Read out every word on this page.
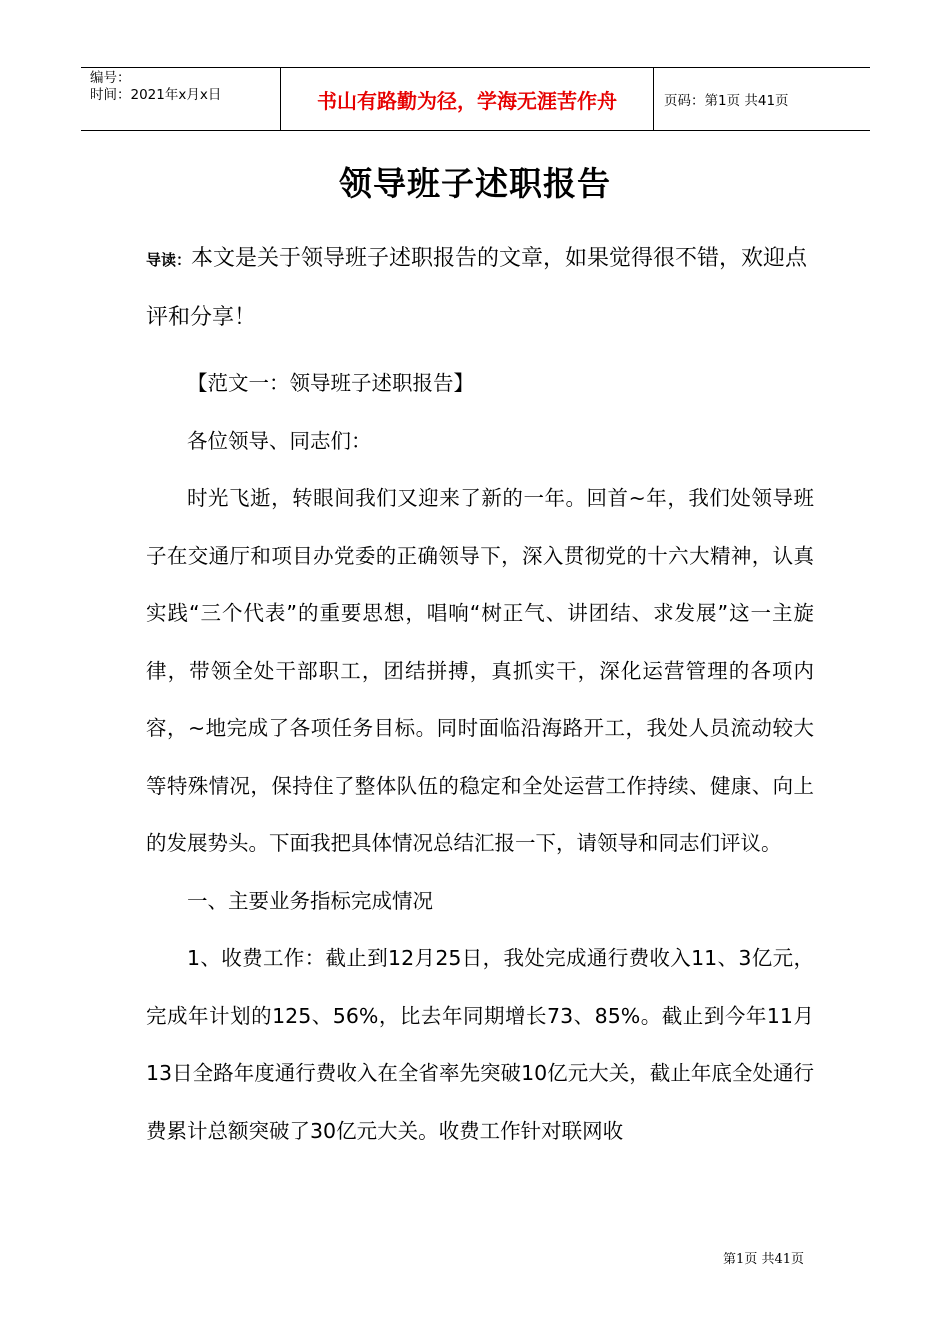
编号：
时间：2021年x月x日	书山有路勤为径，学海无涯苦作舟	页码：第1页 共41页
领导班子述职报告
导读：本文是关于领导班子述职报告的文章，如果觉得很不错，欢迎点评和分享！

【范文一：领导班子述职报告】

各位领导、同志们：

时光飞逝，转眼间我们又迎来了新的一年。回首~年，我们处领导班子在交通厅和项目办党委的正确领导下，深入贯彻党的十六大精神，认真实践“三个代表”的重要思想，唱响“树正气、讲团结、求发展”这一主旋律，带领全处干部职工，团结拼搏，真抓实干，深化运营管理的各项内容，~地完成了各项任务目标。同时面临沿海路开工，我处人员流动较大等特殊情况，保持住了整体队伍的稳定和全处运营工作持续、健康、向上的发展势头。下面我把具体情况总结汇报一下，请领导和同志们评议。

一、主要业务指标完成情况

1、收费工作：截止到12月25日，我处完成通行费收入11、3亿元，完成年计划的125、56%，比去年同期增长73、85%。截止到今年11月13日全路年度通行费收入在全省率先突破10亿元大关，截止年底全处通行费累计总额突破了30亿元大关。收费工作针对联网收

第1页 共41页
